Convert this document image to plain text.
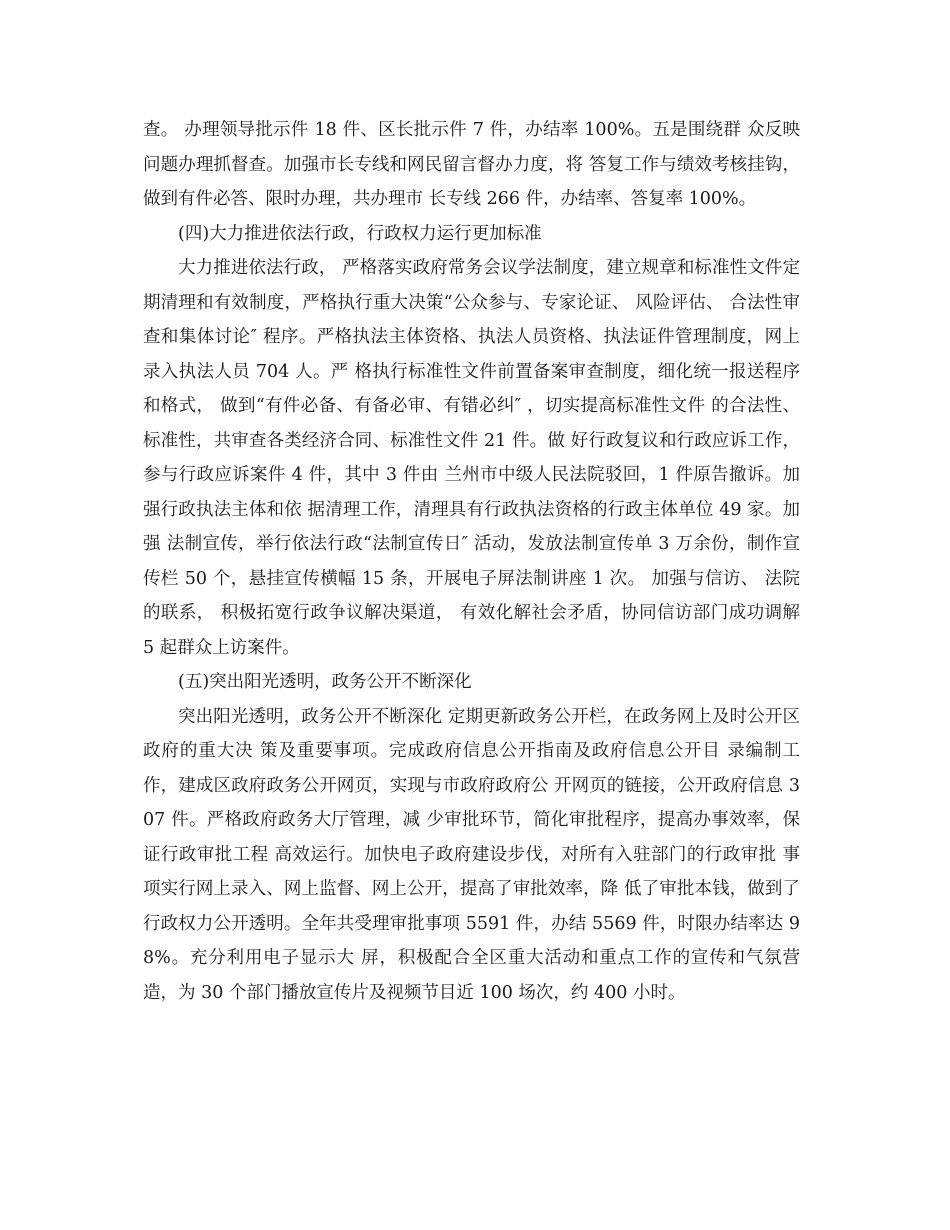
查。 办理领导批示件 18 件、区长批示件 7 件，办结率 100%。五是围绕群 众反映问题办理抓督查。加强市长专线和网民留言督办力度，将 答复工作与绩效考核挂钩，做到有件必答、限时办理，共办理市 长专线 266 件，办结率、答复率 100%。

(四)大力推进依法行政，行政权力运行更加标准

大力推进依法行政， 严格落实政府常务会议学法制度，建立规章和标准性文件定 期清理和有效制度，严格执行重大决策“公众参与、专家论证、 风险评估、 合法性审查和集体讨论″ 程序。严格执法主体资格、执法人员资格、执法证件管理制度，网上录入执法人员 704 人。严 格执行标准性文件前置备案审查制度，细化统一报送程序和格式， 做到“有件必备、有备必审、有错必纠″ ，切实提高标准性文件 的合法性、标准性，共审查各类经济合同、标准性文件 21 件。做 好行政复议和行政应诉工作，参与行政应诉案件 4 件，其中 3 件由 兰州市中级人民法院驳回，1 件原告撤诉。加强行政执法主体和依 据清理工作，清理具有行政执法资格的行政主体单位 49 家。加强 法制宣传，举行依法行政“法制宣传日″ 活动，发放法制宣传单 3 万余份，制作宣传栏 50 个，悬挂宣传横幅 15 条，开展电子屏法制讲座 1 次。 加强与信访、 法院的联系， 积极拓宽行政争议解决渠道， 有效化解社会矛盾，协同信访部门成功调解 5 起群众上访案件。

(五)突出阳光透明，政务公开不断深化

突出阳光透明，政务公开不断深化 定期更新政务公开栏，在政务网上及时公开区政府的重大决 策及重要事项。完成政府信息公开指南及政府信息公开目 录编制工作，建成区政府政务公开网页，实现与市政府政府公 开网页的链接，公开政府信息 307 件。严格政府政务大厅管理，减 少审批环节，简化审批程序，提高办事效率，保证行政审批工程 高效运行。加快电子政府建设步伐，对所有入驻部门的行政审批 事项实行网上录入、网上监督、网上公开，提高了审批效率，降 低了审批本钱，做到了行政权力公开透明。全年共受理审批事项 5591 件，办结 5569 件，时限办结率达 98%。充分利用电子显示大 屏，积极配合全区重大活动和重点工作的宣传和气氛营造，为 30 个部门播放宣传片及视频节目近 100 场次，约 400 小时。
